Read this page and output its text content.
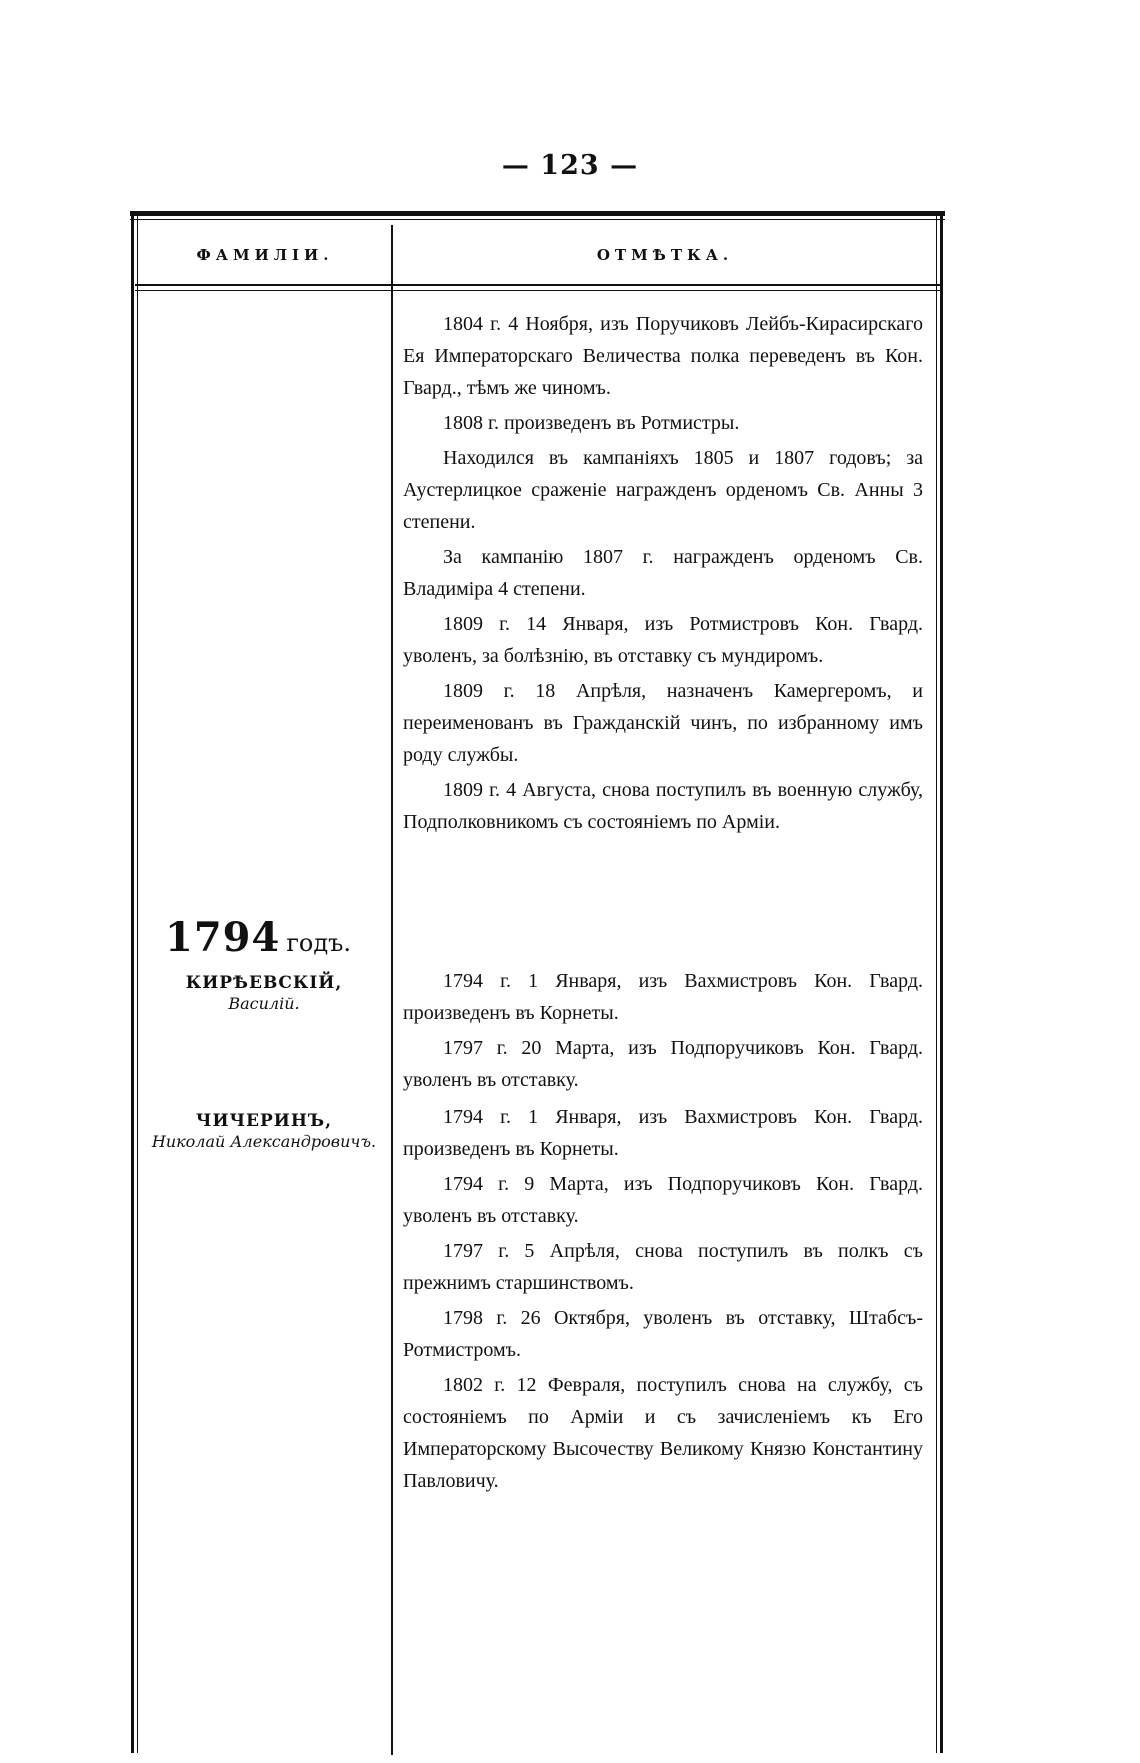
— 123 —
ФАМИЛІИ.	ОТМѢТКА.

1804 г. 4 Ноября, изъ Поручиковъ Лейбъ-Кирасирскаго Ея Императорскаго Величества полка переведенъ въ Кон. Гвард., тѣмъ же чиномъ.

1808 г. произведенъ въ Ротмистры.

Находился въ кампаніяхъ 1805 и 1807 годовъ; за Аустерлицкое сраженіе награжденъ орденомъ Св. Анны 3 степени.

За кампанію 1807 г. награжденъ орденомъ Св. Владиміра 4 степени.

1809 г. 14 Января, изъ Ротмистровъ Кон. Гвард. уволенъ, за болѣзнію, въ отставку съ мундиромъ.

1809 г. 18 Апрѣля, назначенъ Камергеромъ, и переименованъ въ Гражданскій чинъ, по избранному имъ роду службы.

1809 г. 4 Августа, снова поступилъ въ военную службу, Подполковникомъ съ состояніемъ по Арміи.

1794 годъ.
КИРѢЕВСКІЙ,
Василій.

1794 г. 1 Января, изъ Вахмистровъ Кон. Гвард. произведенъ въ Корнеты.

1797 г. 20 Марта, изъ Подпоручиковъ Кон. Гвард. уволенъ въ отставку.

ЧИЧЕРИНЪ,
Николай Александровичъ.

1794 г. 1 Января, изъ Вахмистровъ Кон. Гвард. произведенъ въ Корнеты.

1794 г. 9 Марта, изъ Подпоручиковъ Кон. Гвард. уволенъ въ отставку.

1797 г. 5 Апрѣля, снова поступилъ въ полкъ съ прежнимъ старшинствомъ.

1798 г. 26 Октября, уволенъ въ отставку, Штабсъ-Ротмистромъ.

1802 г. 12 Февраля, поступилъ снова на службу, съ состояніемъ по Арміи и съ зачисленіемъ къ Его Императорскому Высочеству Великому Князю Константину Павловичу.
